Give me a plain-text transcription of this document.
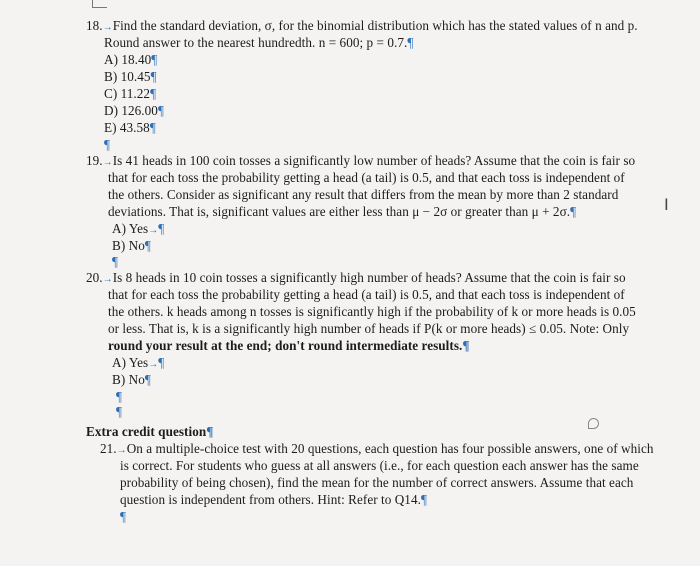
18.→Find the standard deviation, σ, for the binomial distribution which has the stated values of n and p.
Round answer to the nearest hundredth. n = 600; p = 0.7.¶
A) 18.40¶
B) 10.45¶
C) 11.22¶
D) 126.00¶
E) 43.58¶
¶
19.→Is 41 heads in 100 coin tosses a significantly low number of heads? Assume that the coin is fair so
that for each toss the probability getting a head (a tail) is 0.5, and that each toss is independent of
the others. Consider as significant any result that differs from the mean by more than 2 standard
deviations. That is, significant values are either less than μ − 2σ or greater than μ + 2σ.¶
A) Yes→¶
B) No¶
¶
20.→Is 8 heads in 10 coin tosses a significantly high number of heads? Assume that the coin is fair so
that for each toss the probability getting a head (a tail) is 0.5, and that each toss is independent of
the others. k heads among n tosses is significantly high if the probability of k or more heads is 0.05
or less. That is, k is a significantly high number of heads if P(k or more heads) ≤ 0.05. Note: Only
round your result at the end; don't round intermediate results.¶
A) Yes→¶
B) No¶
¶
¶
Extra credit question¶
21.→On a multiple-choice test with 20 questions, each question has four possible answers, one of which
is correct. For students who guess at all answers (i.e., for each question each answer has the same
probability of being chosen), find the mean for the number of correct answers. Assume that each
question is independent from others. Hint: Refer to Q14.¶
¶
I
